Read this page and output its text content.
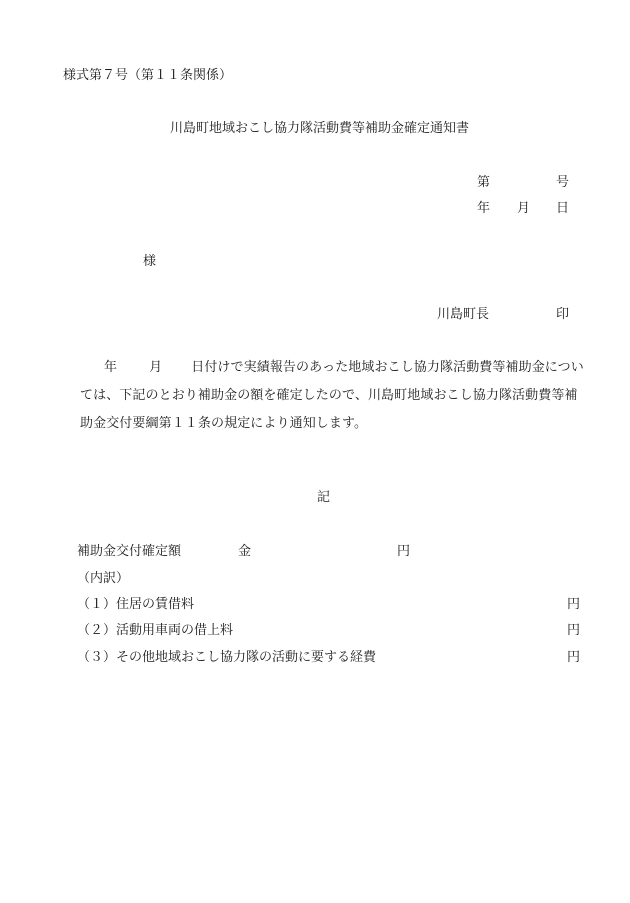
様式第７号（第１１条関係）
川島町地域おこし協力隊活動費等補助金確定通知書
第	号
年 月 日
様
川島町長	印
年 月 日付けで実績報告のあった地域おこし協力隊活動費等補助金につい
ては、下記のとおり補助金の額を確定したので、川島町地域おこし協力隊活動費等補
助金交付要綱第１１条の規定により通知します。
記
補助金交付確定額	金	円
（内訳）
（１）住居の賃借料	円
（２）活動用車両の借上料	円
（３）その他地域おこし協力隊の活動に要する経費	円
